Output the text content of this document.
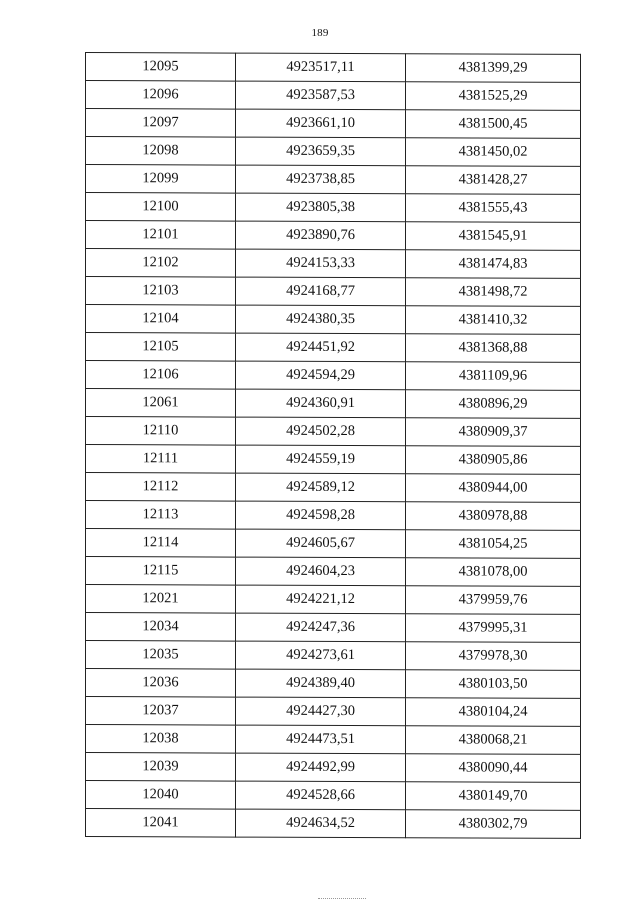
189
12095	4923517,11	4381399,29
12096	4923587,53	4381525,29
12097	4923661,10	4381500,45
12098	4923659,35	4381450,02
12099	4923738,85	4381428,27
12100	4923805,38	4381555,43
12101	4923890,76	4381545,91
12102	4924153,33	4381474,83
12103	4924168,77	4381498,72
12104	4924380,35	4381410,32
12105	4924451,92	4381368,88
12106	4924594,29	4381109,96
12061	4924360,91	4380896,29
12110	4924502,28	4380909,37
12111	4924559,19	4380905,86
12112	4924589,12	4380944,00
12113	4924598,28	4380978,88
12114	4924605,67	4381054,25
12115	4924604,23	4381078,00
12021	4924221,12	4379959,76
12034	4924247,36	4379995,31
12035	4924273,61	4379978,30
12036	4924389,40	4380103,50
12037	4924427,30	4380104,24
12038	4924473,51	4380068,21
12039	4924492,99	4380090,44
12040	4924528,66	4380149,70
12041	4924634,52	4380302,79
